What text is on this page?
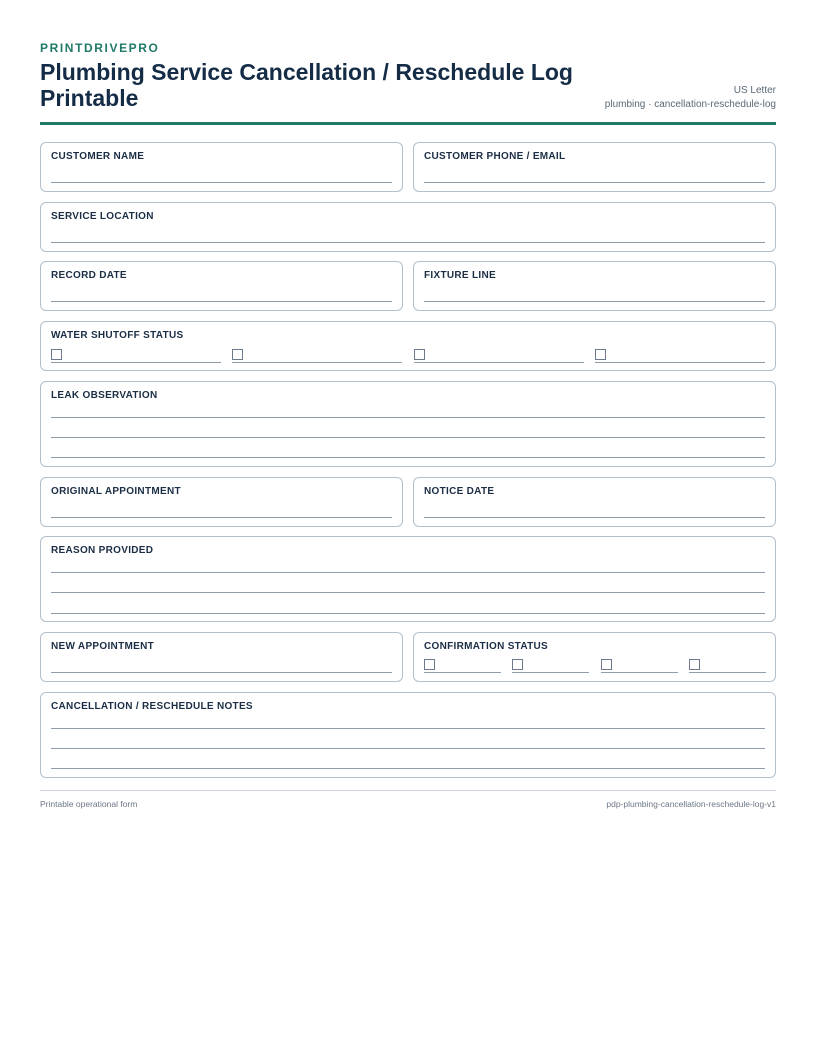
PRINTDRIVEPRO
Plumbing Service Cancellation / Reschedule Log Printable	US Letter
plumbing · cancellation-reschedule-log
CUSTOMER NAME	CUSTOMER PHONE / EMAIL
SERVICE LOCATION
RECORD DATE	FIXTURE LINE
WATER SHUTOFF STATUS
LEAK OBSERVATION
ORIGINAL APPOINTMENT	NOTICE DATE
REASON PROVIDED
NEW APPOINTMENT	CONFIRMATION STATUS
CANCELLATION / RESCHEDULE NOTES
Printable operational form	pdp-plumbing-cancellation-reschedule-log-v1
